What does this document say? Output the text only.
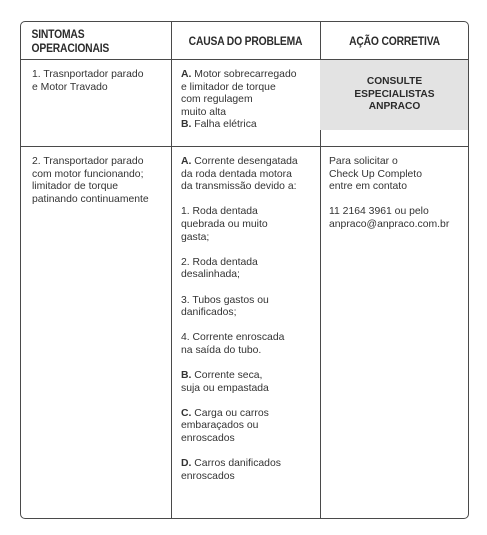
SINTOMAS OPERACIONAIS	CAUSA DO PROBLEMA	AÇÃO CORRETIVA
1. Trasnportador parado
e Motor Travado
A. Motor sobrecarregado
e limitador de torque
com regulagem
muito alta
B. Falha elétrica
CONSULTE
ESPECIALISTAS
ANPRACO
2. Transportador parado
com motor funcionando;
limitador de torque
patinando continuamente

A. Corrente desengatada
da roda dentada motora
da transmissão devido a:

1. Roda dentada
quebrada ou muito
gasta;

2. Roda dentada
desalinhada;

3. Tubos gastos ou
danificados;

4. Corrente enroscada
na saída do tubo.

B. Corrente seca,
suja ou empastada

C. Carga ou carros
embaraçados ou
enroscados

D. Carros danificados
enroscados

Para solicitar o
Check Up Completo
entre em contato

11 2164 3961 ou pelo
anpraco@anpraco.com.br
